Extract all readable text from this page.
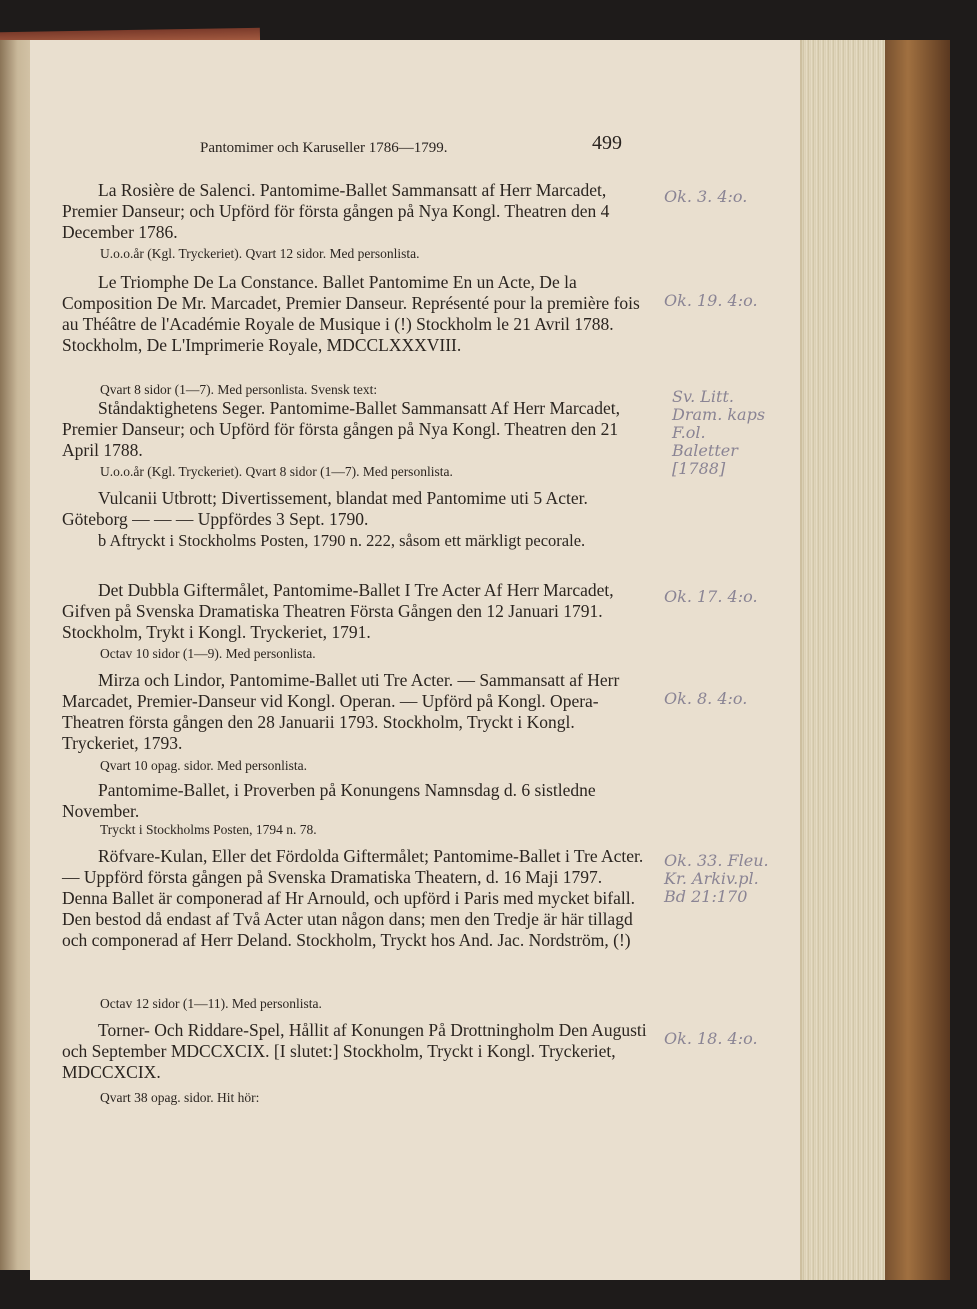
Pantomimer och Karuseller 1786—1799.	499
La Rosière de Salenci. Pantomime-Ballet Sammansatt af Herr Marcadet, Premier Danseur; och Upförd för första gången på Nya Kongl. Theatren den 4 December 1786.
U.o.o.år (Kgl. Tryckeriet). Qvart 12 sidor. Med personlista.
Ok. 3. 4:o.
Le Triomphe De La Constance. Ballet Pantomime En un Acte, De la Composition De Mr. Marcadet, Premier Danseur. Représenté pour la première fois au Théâtre de l'Académie Royale de Musique i (!) Stockholm le 21 Avril 1788. Stockholm, De L'Imprimerie Royale, MDCCLXXXVIII.
Qvart 8 sidor (1—7). Med personlista. Svensk text:
Ok. 19. 4:o.
Ståndaktighetens Seger. Pantomime-Ballet Sammansatt Af Herr Marcadet, Premier Danseur; och Upförd för första gången på Nya Kongl. Theatren den 21 April 1788.
U.o.o.år (Kgl. Tryckeriet). Qvart 8 sidor (1—7). Med personlista.
Sv. Litt. Dram. kaps F.ol. Baletter [1788]
Vulcanii Utbrott; Divertissement, blandat med Pantomime uti 5 Acter. Göteborg — — — Uppfördes 3 Sept. 1790.
b Aftryckt i Stockholms Posten, 1790 n. 222, såsom ett märkligt pecorale.
Det Dubbla Giftermålet, Pantomime-Ballet I Tre Acter Af Herr Marcadet, Gifven på Svenska Dramatiska Theatren Första Gången den 12 Januari 1791. Stockholm, Trykt i Kongl. Tryckeriet, 1791.
Octav 10 sidor (1—9). Med personlista.
Ok. 17. 4:o.
Mirza och Lindor, Pantomime-Ballet uti Tre Acter. — Sammansatt af Herr Marcadet, Premier-Danseur vid Kongl. Operan. — Upförd på Kongl. Opera-Theatren första gången den 28 Januarii 1793. Stockholm, Tryckt i Kongl. Tryckeriet, 1793.
Qvart 10 opag. sidor. Med personlista.
Ok. 8. 4:o.
Pantomime-Ballet, i Proverben på Konungens Namnsdag d. 6 sistledne November.
Tryckt i Stockholms Posten, 1794 n. 78.
Röfvare-Kulan, Eller det Fördolda Giftermålet; Pantomime-Ballet i Tre Acter. — Uppförd första gången på Svenska Dramatiska Theatern, d. 16 Maji 1797. Denna Ballet är componerad af Hr Arnould, och upförd i Paris med mycket bifall. Den bestod då endast af Två Acter utan någon dans; men den Tredje är här tillagd och componerad af Herr Deland. Stockholm, Tryckt hos And. Jac. Nordström, (!)
Octav 12 sidor (1—11). Med personlista.
Ok. 33. Fleu. Kr. Arkiv.pl. Bd 21:170
Torner- Och Riddare-Spel, Hållit af Konungen På Drottningholm Den Augusti och September MDCCXCIX. [I slutet:] Stockholm, Tryckt i Kongl. Tryckeriet, MDCCXCIX.
Qvart 38 opag. sidor. Hit hör:
Ok. 18. 4:o.
